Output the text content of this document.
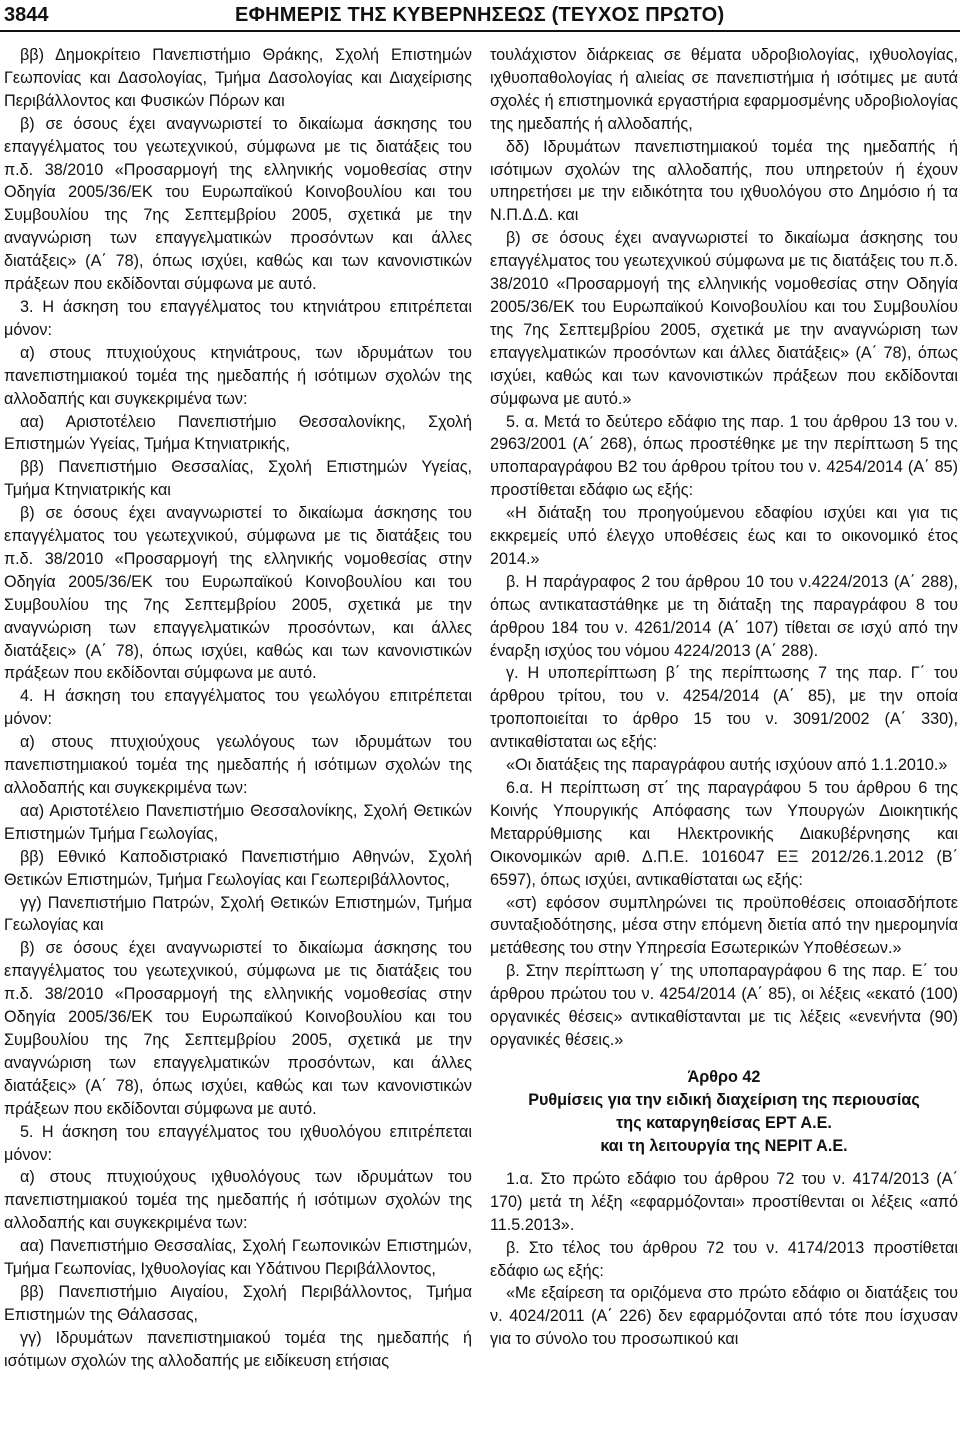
3844	ΕΦΗΜΕΡΙΣ ΤΗΣ ΚΥΒΕΡΝΗΣΕΩΣ (ΤΕΥΧΟΣ ΠΡΩΤΟ)

ββ) Δημοκρίτειο Πανεπιστήμιο Θράκης, Σχολή Επιστημών Γεωπονίας και Δασολογίας, Τμήμα Δασολογίας και Διαχείρισης Περιβάλλοντος και Φυσικών Πόρων και

β) σε όσους έχει αναγνωριστεί το δικαίωμα άσκησης του επαγγέλματος του γεωτεχνικού, σύμφωνα με τις διατάξεις του π.δ. 38/2010 «Προσαρμογή της ελληνικής νομοθεσίας στην Οδηγία 2005/36/ΕΚ του Ευρωπαϊκού Κοινοβουλίου και του Συμβουλίου της 7ης Σεπτεμβρίου 2005, σχετικά με την αναγνώριση των επαγγελματικών προσόντων και άλλες διατάξεις» (Α΄ 78), όπως ισχύει, καθώς και των κανονιστικών πράξεων που εκδίδονται σύμφωνα με αυτό.

3. Η άσκηση του επαγγέλματος του κτηνιάτρου επιτρέπεται μόνον:

α) στους πτυχιούχους κτηνιάτρους, των ιδρυμάτων του πανεπιστημιακού τομέα της ημεδαπής ή ισότιμων σχολών της αλλοδαπής και συγκεκριμένα των:

αα) Αριστοτέλειο Πανεπιστήμιο Θεσσαλονίκης, Σχολή Επιστημών Υγείας, Τμήμα Κτηνιατρικής,

ββ) Πανεπιστήμιο Θεσσαλίας, Σχολή Επιστημών Υγείας, Τμήμα Κτηνιατρικής και

β) σε όσους έχει αναγνωριστεί το δικαίωμα άσκησης του επαγγέλματος του γεωτεχνικού, σύμφωνα με τις διατάξεις του π.δ. 38/2010 «Προσαρμογή της ελληνικής νομοθεσίας στην Οδηγία 2005/36/ΕΚ του Ευρωπαϊκού Κοινοβουλίου και του Συμβουλίου της 7ης Σεπτεμβρίου 2005, σχετικά με την αναγνώριση των επαγγελματικών προσόντων, και άλλες διατάξεις» (Α΄ 78), όπως ισχύει, καθώς και των κανονιστικών πράξεων που εκδίδονται σύμφωνα με αυτό.

4. Η άσκηση του επαγγέλματος του γεωλόγου επιτρέπεται μόνον:

α) στους πτυχιούχους γεωλόγους των ιδρυμάτων του πανεπιστημιακού τομέα της ημεδαπής ή ισότιμων σχολών της αλλοδαπής και συγκεκριμένα των:

αα) Αριστοτέλειο Πανεπιστήμιο Θεσσαλονίκης, Σχολή Θετικών Επιστημών Τμήμα Γεωλογίας,

ββ) Εθνικό Καποδιστριακό Πανεπιστήμιο Αθηνών, Σχολή Θετικών Επιστημών, Τμήμα Γεωλογίας και Γεωπεριβάλλοντος,

γγ) Πανεπιστήμιο Πατρών, Σχολή Θετικών Επιστημών, Τμήμα Γεωλογίας και

β) σε όσους έχει αναγνωριστεί το δικαίωμα άσκησης του επαγγέλματος του γεωτεχνικού, σύμφωνα με τις διατάξεις του π.δ. 38/2010 «Προσαρμογή της ελληνικής νομοθεσίας στην Οδηγία 2005/36/ΕΚ του Ευρωπαϊκού Κοινοβουλίου και του Συμβουλίου της 7ης Σεπτεμβρίου 2005, σχετικά με την αναγνώριση των επαγγελματικών προσόντων, και άλλες διατάξεις» (Α΄ 78), όπως ισχύει, καθώς και των κανονιστικών πράξεων που εκδίδονται σύμφωνα με αυτό.

5. Η άσκηση του επαγγέλματος του ιχθυολόγου επιτρέπεται μόνον:

α) στους πτυχιούχους ιχθυολόγους των ιδρυμάτων του πανεπιστημιακού τομέα της ημεδαπής ή ισότιμων σχολών της αλλοδαπής και συγκεκριμένα των:

αα) Πανεπιστήμιο Θεσσαλίας, Σχολή Γεωπονικών Επιστημών, Τμήμα Γεωπονίας, Ιχθυολογίας και Υδάτινου Περιβάλλοντος,

ββ) Πανεπιστήμιο Αιγαίου, Σχολή Περιβάλλοντος, Τμήμα Επιστημών της Θάλασσας,

γγ) Ιδρυμάτων πανεπιστημιακού τομέα της ημεδαπής ή ισότιμων σχολών της αλλοδαπής με ειδίκευση ετήσιας

τουλάχιστον διάρκειας σε θέματα υδροβιολογίας, ιχθυολογίας, ιχθυοπαθολογίας ή αλιείας σε πανεπιστήμια ή ισότιμες με αυτά σχολές ή επιστημονικά εργαστήρια εφαρμοσμένης υδροβιολογίας της ημεδαπής ή αλλοδαπής,

δδ) Ιδρυμάτων πανεπιστημιακού τομέα της ημεδαπής ή ισότιμων σχολών της αλλοδαπής, που υπηρετούν ή έχουν υπηρετήσει με την ειδικότητα του ιχθυολόγου στο Δημόσιο ή τα Ν.Π.Δ.Δ. και

β) σε όσους έχει αναγνωριστεί το δικαίωμα άσκησης του επαγγέλματος του γεωτεχνικού σύμφωνα με τις διατάξεις του π.δ. 38/2010 «Προσαρμογή της ελληνικής νομοθεσίας στην Οδηγία 2005/36/ΕΚ του Ευρωπαϊκού Κοινοβουλίου και του Συμβουλίου της 7ης Σεπτεμβρίου 2005, σχετικά με την αναγνώριση των επαγγελματικών προσόντων και άλλες διατάξεις» (Α΄ 78), όπως ισχύει, καθώς και των κανονιστικών πράξεων που εκδίδονται σύμφωνα με αυτό.»

5. α. Μετά το δεύτερο εδάφιο της παρ. 1 του άρθρου 13 του ν. 2963/2001 (Α΄ 268), όπως προστέθηκε με την περίπτωση 5 της υποπαραγράφου Β2 του άρθρου τρίτου του ν. 4254/2014 (Α΄ 85) προστίθεται εδάφιο ως εξής:

«Η διάταξη του προηγούμενου εδαφίου ισχύει και για τις εκκρεμείς υπό έλεγχο υποθέσεις έως και το οικονομικό έτος 2014.»

β. Η παράγραφος 2 του άρθρου 10 του ν.4224/2013 (Α΄ 288), όπως αντικαταστάθηκε με τη διάταξη της παραγράφου 8 του άρθρου 184 του ν. 4261/2014 (Α΄ 107) τίθεται σε ισχύ από την έναρξη ισχύος του νόμου 4224/2013 (Α΄ 288).

γ. Η υποπερίπτωση β΄ της περίπτωσης 7 της παρ. Γ΄ του άρθρου τρίτου, του ν. 4254/2014 (Α΄ 85), με την οποία τροποποιείται το άρθρο 15 του ν. 3091/2002 (Α΄ 330), αντικαθίσταται ως εξής:

«Οι διατάξεις της παραγράφου αυτής ισχύουν από 1.1.2010.»

6.α. Η περίπτωση στ΄ της παραγράφου 5 του άρθρου 6 της Κοινής Υπουργικής Απόφασης των Υπουργών Διοικητικής Μεταρρύθμισης και Ηλεκτρονικής Διακυβέρνησης και Οικονομικών αριθ. Δ.Π.Ε. 1016047 ΕΞ 2012/26.1.2012 (Β΄ 6597), όπως ισχύει, αντικαθίσταται ως εξής:

«στ) εφόσον συμπληρώνει τις προϋποθέσεις οποιασδήποτε συνταξιοδότησης, μέσα στην επόμενη διετία από την ημερομηνία μετάθεσης του στην Υπηρεσία Εσωτερικών Υποθέσεων.»

β. Στην περίπτωση γ΄ της υποπαραγράφου 6 της παρ. Ε΄ του άρθρου πρώτου του ν. 4254/2014 (Α΄ 85), οι λέξεις «εκατό (100) οργανικές θέσεις» αντικαθίστανται με τις λέξεις «ενενήντα (90) οργανικές θέσεις.»

Άρθρο 42

Ρυθμίσεις για την ειδική διαχείριση της περιουσίας

της καταργηθείσας ΕΡΤ Α.Ε.

και τη λειτουργία της ΝΕΡΙΤ Α.Ε.

1.α. Στο πρώτο εδάφιο του άρθρου 72 του ν. 4174/2013 (Α΄ 170) μετά τη λέξη «εφαρμόζονται» προστίθενται οι λέξεις «από 11.5.2013».

β. Στο τέλος του άρθρου 72 του ν. 4174/2013 προστίθεται εδάφιο ως εξής:

«Με εξαίρεση τα οριζόμενα στο πρώτο εδάφιο οι διατάξεις του ν. 4024/2011 (Α΄ 226) δεν εφαρμόζονται από τότε που ίσχυσαν για το σύνολο του προσωπικού και
